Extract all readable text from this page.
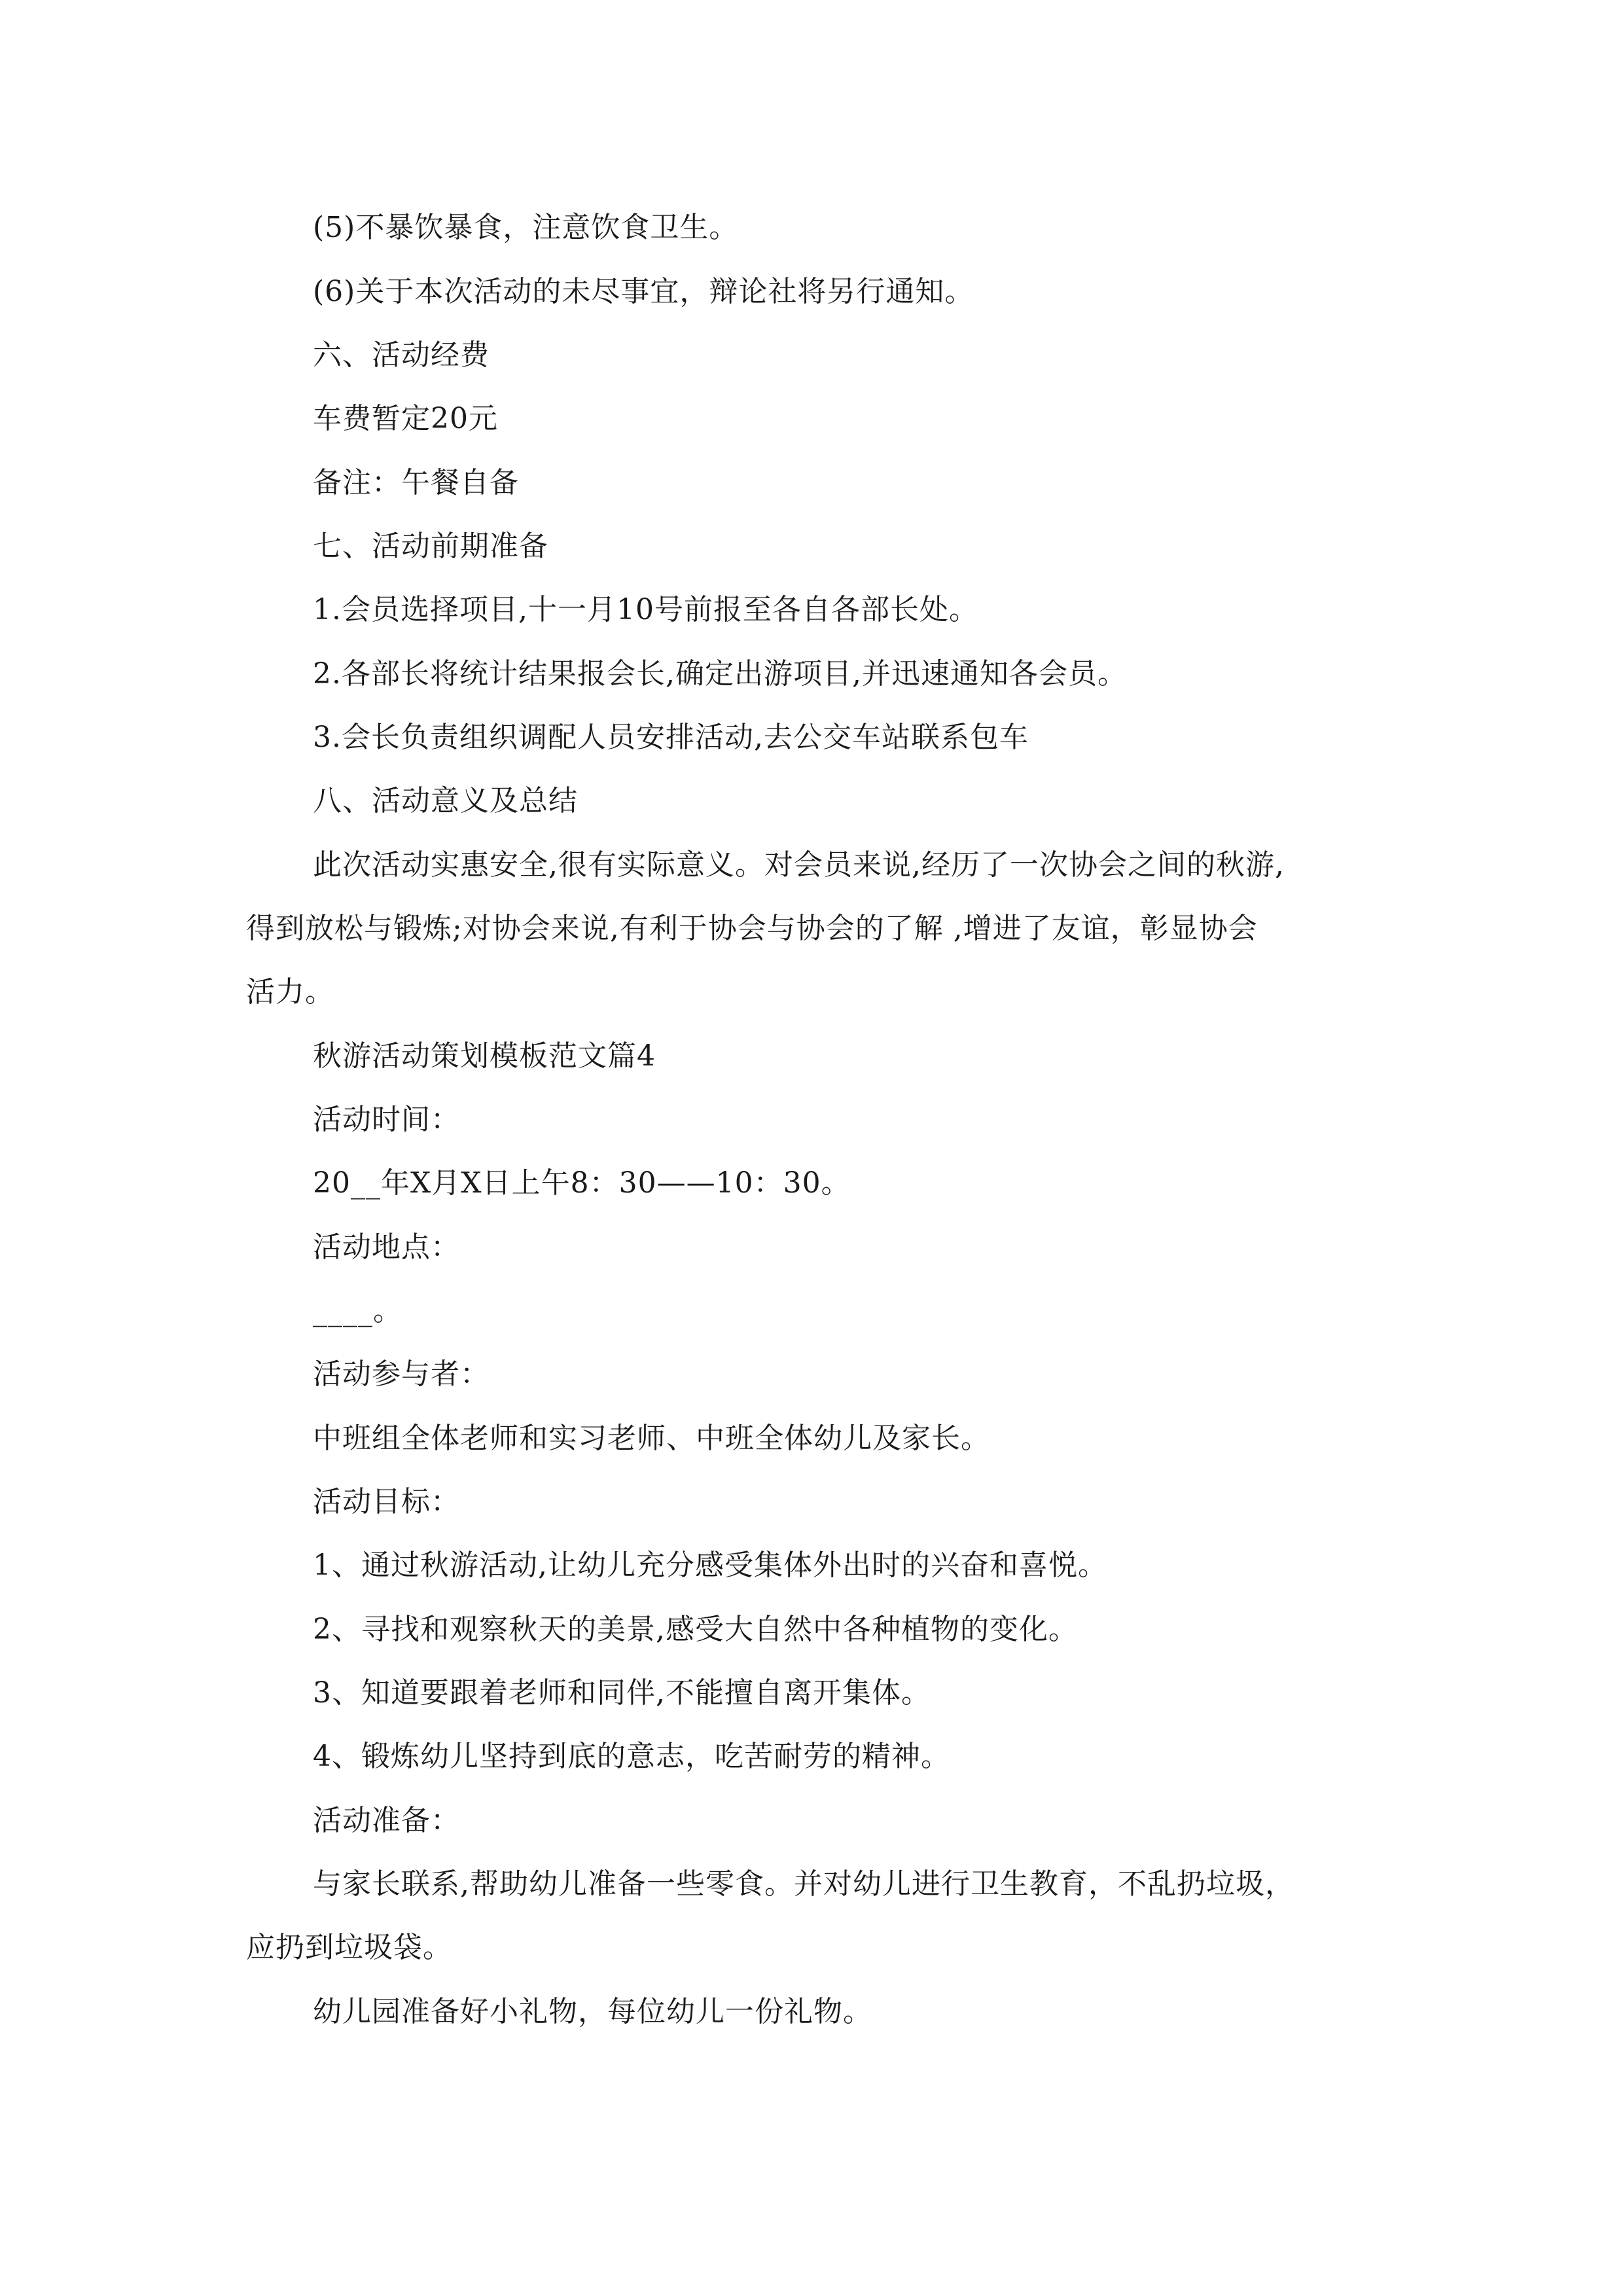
(5)不暴饮暴食，注意饮食卫生。
(6)关于本次活动的未尽事宜，辩论社将另行通知。
六、活动经费
车费暂定20元
备注：午餐自备
七、活动前期准备
1.会员选择项目,十一月10号前报至各自各部长处。
2.各部长将统计结果报会长,确定出游项目,并迅速通知各会员。
3.会长负责组织调配人员安排活动,去公交车站联系包车
八、活动意义及总结
此次活动实惠安全,很有实际意义。对会员来说,经历了一次协会之间的秋游,
得到放松与锻炼;对协会来说,有利于协会与协会的了解 ,增进了友谊，彰显协会
活力。
秋游活动策划模板范文篇4
活动时间：
20__年X月X日上午8：30——10：30。
活动地点：
____。
活动参与者：
中班组全体老师和实习老师、中班全体幼儿及家长。
活动目标：
1、通过秋游活动,让幼儿充分感受集体外出时的兴奋和喜悦。
2、寻找和观察秋天的美景,感受大自然中各种植物的变化。
3、知道要跟着老师和同伴,不能擅自离开集体。
4、锻炼幼儿坚持到底的意志，吃苦耐劳的精神。
活动准备：
与家长联系,帮助幼儿准备一些零食。并对幼儿进行卫生教育，不乱扔垃圾，
应扔到垃圾袋。
幼儿园准备好小礼物，每位幼儿一份礼物。
